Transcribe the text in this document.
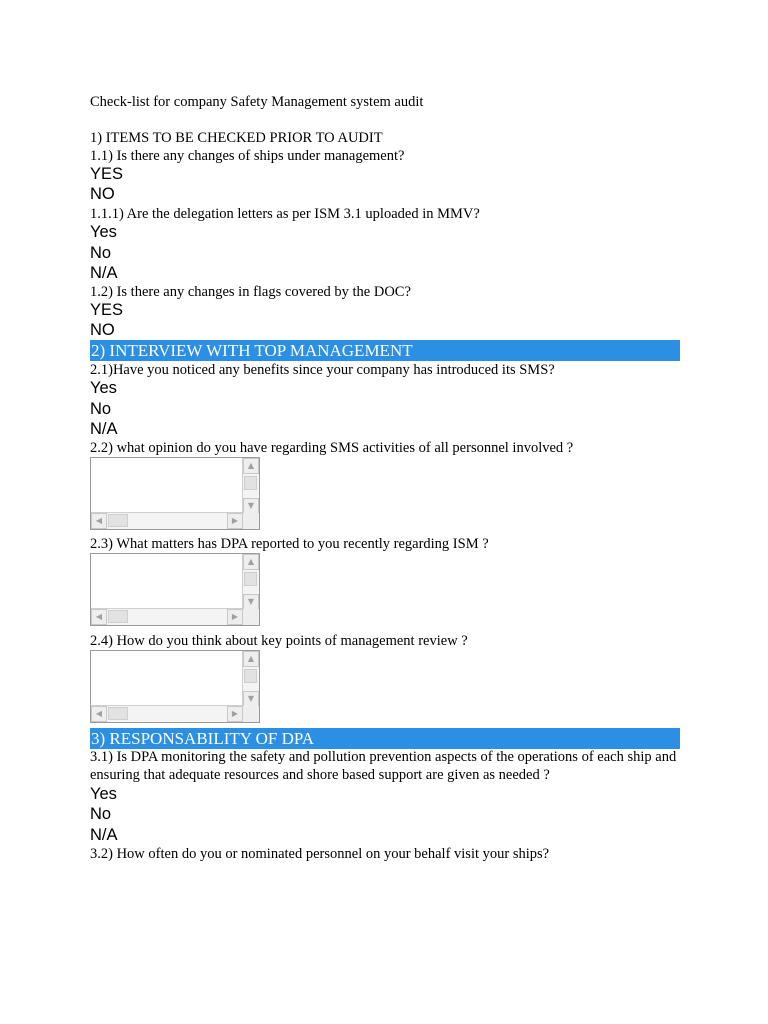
Check-list for company Safety Management system audit
1) ITEMS TO BE CHECKED PRIOR TO AUDIT
1.1) Is there any changes of ships under management?
YES
NO
1.1.1) Are the delegation letters as per ISM 3.1 uploaded in MMV?
Yes
No
N/A
1.2) Is there any changes in flags covered by the DOC?
YES
NO
2) INTERVIEW WITH TOP MANAGEMENT
2.1)Have you noticed any benefits since your company has introduced its SMS?
Yes
No
N/A
2.2) what opinion do you have regarding SMS activities of all personnel involved ?
▲
▼
◀	▶
2.3) What matters has DPA reported to you recently regarding ISM ?
▲
▼
◀	▶
2.4) How do you think about key points of management review ?
▲
▼
◀	▶
3) RESPONSABILITY OF DPA
3.1) Is DPA monitoring the safety and pollution prevention aspects of the operations of each ship and ensuring that adequate resources and shore based support are given as needed ?
Yes
No
N/A
3.2) How often do you or nominated personnel on your behalf visit your ships?
